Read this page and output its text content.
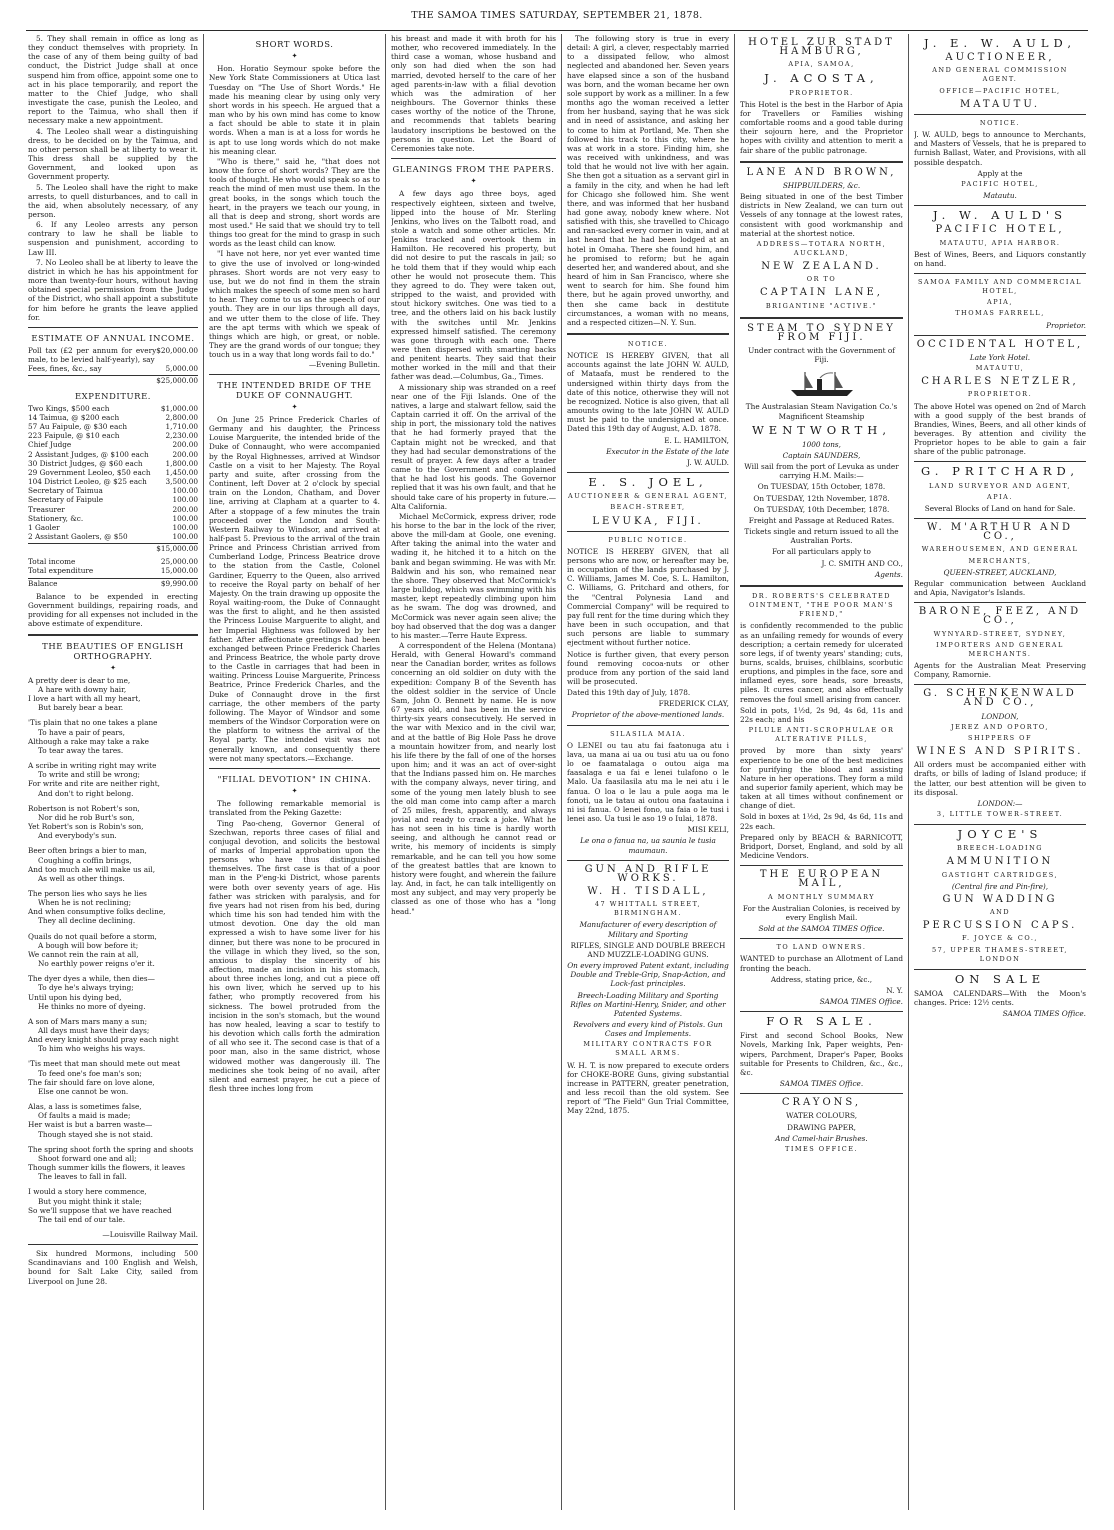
THE SAMOA TIMES SATURDAY, SEPTEMBER 21, 1878.

5. They shall remain in office as long as they conduct themselves with propriety. In the case of any of them being guilty of bad conduct, the District Judge shall at once suspend him from office, appoint some one to act in his place temporarily, and report the matter to the Chief Judge, who shall investigate the case, punish the Leoleo, and report to the Taimua, who shall then if necessary make a new appointment.

4. The Leoleo shall wear a distinguishing dress, to be decided on by the Taimua, and no other person shall be at liberty to wear it. This dress shall be supplied by the Government, and looked upon as Government property.

5. The Leoleo shall have the right to make arrests, to quell disturbances, and to call in the aid, when absolutely necessary, of any person.

6. If any Leoleo arrests any person contrary to law he shall be liable to suspension and punishment, according to Law III.

7. No Leoleo shall be at liberty to leave the district in which he has his appointment for more than twenty-four hours, without having obtained special permission from the Judge of the District, who shall appoint a substitute for him before he grants the leave applied for.

ESTIMATE OF ANNUAL INCOME.
Poll tax (£2 per annum for every male, to be levied half-yearly), say
$20,000.00
Fees, fines, &c., say	5,000.00
$25,000.00
EXPENDITURE.
Two Kings, $500 each	$1,000.00
14 Taimua, @ $200 each	2,800.00
57 Au Faipule, @ $30 each	1,710.00
223 Faipule, @ $10 each	2,230.00
Chief Judge	200.00
2 Assistant Judges, @ $100 each	200.00
30 District Judges, @ $60 each	1,800.00
29 Government Leoleo, $50 each 1,450.00
104 District Leoleo, @ $25 each	3,500.00
Secretary of Taimua	100.00
Secretary of Faipule	100.00
Treasurer	200.00
Stationery, &c.	100.00
1 Gaoler	100.00
2 Assistant Gaolers, @ $50	100.00
$15,000.00
Total income	25,000.00
Total expenditure	15,000.00
Balance	$9,990.00

Balance to be expended in erecting Government buildings, repairing roads, and providing for all expenses not included in the above estimate of expenditure.

THE BEAUTIES OF ENGLISH ORTHOGRAPHY.
✦

A pretty deer is dear to me,

A hare with downy hair,

I love a hart with all my heart,

But barely bear a bear.

'Tis plain that no one takes a plane

To have a pair of pears,

Although a rake may take a rake

To tear away the tares.

A scribe in writing right may write

To write and still be wrong;

For write and rite are neither right,

And don't to right belong.

Robertson is not Robert's son,

Nor did he rob Burt's son,

Yet Robert's son is Robin's son,

And everybody's sun.

Beer often brings a bier to man,

Coughing a coffin brings,

And too much ale will make us ail,

As well as other things.

The person lies who says he lies

When he is not reclining;

And when consumptive folks decline,

They all decline declining.

Quails do not quail before a storm,

A bough will bow before it;

We cannot rein the rain at all,

No earthly power reigns o'er it.

The dyer dyes a while, then dies—

To dye he's always trying;

Until upon his dying bed,

He thinks no more of dyeing.

A son of Mars mars many a sun;

All days must have their days;

And every knight should pray each night

To him who weighs his ways.

'Tis meet that man should mete out meat

To feed one's foe man's son;

The fair should fare on love alone,

Else one cannot be won.

Alas, a lass is sometimes false,

Of faults a maid is made;

Her waist is but a barren waste—

Though stayed she is not staid.

The spring shoot forth the spring and shoots

Shoot forward one and all;

Though summer kills the flowers, it leaves

The leaves to fall in fall.

I would a story here commence,

But you might think it stale;

So we'll suppose that we have reached

The tail end of our tale.

—Louisville Railway Mail.

Six hundred Mormons, including 500 Scandinavians and 100 English and Welsh, bound for Salt Lake City, sailed from Liverpool on June 28.

SHORT WORDS.
✦

Hon. Horatio Seymour spoke before the New York State Commissioners at Utica last Tuesday on "The Use of Short Words." He made his meaning clear by using only very short words in his speech. He argued that a man who by his own mind has come to know a fact should be able to state it in plain words. When a man is at a loss for words he is apt to use long words which do not make his meaning clear.

"Who is there," said he, "that does not know the force of short words? They are the tools of thought. He who would speak so as to reach the mind of men must use them. In the great books, in the songs which touch the heart, in the prayers we teach our young, in all that is deep and strong, short words are most used." He said that we should try to tell things too great for the mind to grasp in such words as the least child can know.

"I have not here, nor yet ever wanted time to give the use of involved or long-winded phrases. Short words are not very easy to use, but we do not find in them the strain which makes the speech of some men so hard to hear. They come to us as the speech of our youth. They are in our lips through all days, and we utter them to the close of life. They are the apt terms with which we speak of things which are high, or great, or noble. They are the grand words of our tongue; they touch us in a way that long words fail to do."

—Evening Bulletin.

THE INTENDED BRIDE OF THE DUKE OF CONNAUGHT.
✦

On June 25 Prince Frederick Charles of Germany and his daughter, the Princess Louise Marguerite, the intended bride of the Duke of Connaught, who were accompanied by the Royal Highnesses, arrived at Windsor Castle on a visit to her Majesty. The Royal party and suite, after crossing from the Continent, left Dover at 2 o'clock by special train on the London, Chatham, and Dover line, arriving at Clapham at a quarter to 4. After a stoppage of a few minutes the train proceeded over the London and South-Western Railway to Windsor, and arrived at half-past 5. Previous to the arrival of the train Prince and Princess Christian arrived from Cumberland Lodge, Princess Beatrice drove to the station from the Castle, Colonel Gardiner, Equerry to the Queen, also arrived to receive the Royal party on behalf of her Majesty. On the train drawing up opposite the Royal waiting-room, the Duke of Connaught was the first to alight, and he then assisted the Princess Louise Marguerite to alight, and her Imperial Highness was followed by her father. After affectionate greetings had been exchanged between Prince Frederick Charles and Princess Beatrice, the whole party drove to the Castle in carriages that had been in waiting. Princess Louise Marguerite, Princess Beatrice, Prince Frederick Charles, and the Duke of Connaught drove in the first carriage, the other members of the party following. The Mayor of Windsor and some members of the Windsor Corporation were on the platform to witness the arrival of the Royal party. The intended visit was not generally known, and consequently there were not many spectators.—Exchange.

"FILIAL DEVOTION" IN CHINA.
✦

The following remarkable memorial is translated from the Peking Gazette:

Ting Pao-cheng, Governor General of Szechwan, reports three cases of filial and conjugal devotion, and solicits the bestowal of marks of Imperial approbation upon the persons who have thus distinguished themselves. The first case is that of a poor man in the P'eng-ki District, whose parents were both over seventy years of age. His father was stricken with paralysis, and for five years had not risen from his bed, during which time his son had tended him with the utmost devotion. One day the old man expressed a wish to have some liver for his dinner, but there was none to be procured in the village in which they lived, so the son, anxious to display the sincerity of his affection, made an incision in his stomach, about three inches long, and cut a piece off his own liver, which he served up to his father, who promptly recovered from his sickness. The bowel protruded from the incision in the son's stomach, but the wound has now healed, leaving a scar to testify to his devotion which calls forth the admiration of all who see it. The second case is that of a poor man, also in the same district, whose widowed mother was dangerously ill. The medicines she took being of no avail, after silent and earnest prayer, he cut a piece of flesh three inches long from

his breast and made it with broth for his mother, who recovered immediately. In the third case a woman, whose husband and only son had died when the son had married, devoted herself to the care of her aged parents-in-law with a filial devotion which was the admiration of her neighbours. The Governor thinks these cases worthy of the notice of the Throne, and recommends that tablets bearing laudatory inscriptions be bestowed on the persons in question. Let the Board of Ceremonies take note.

GLEANINGS FROM THE PAPERS.
✦

A few days ago three boys, aged respectively eighteen, sixteen and twelve, lipped into the house of Mr. Sterling Jenkins, who lives on the Talbott road, and stole a watch and some other articles. Mr. Jenkins tracked and overtook them in Hamilton. He recovered his property, but did not desire to put the rascals in jail; so he told them that if they would whip each other he would not prosecute them. This they agreed to do. They were taken out, stripped to the waist, and provided with stout hickory switches. One was tied to a tree, and the others laid on his back lustily with the switches until Mr. Jenkins expressed himself satisfied. The ceremony was gone through with each one. There were then dispersed with smarting backs and penitent hearts. They said that their mother worked in the mill and that their father was dead.—Columbus, Ga., Times.

A missionary ship was stranded on a reef near one of the Fiji Islands. One of the natives, a large and stalwart fellow, said the Captain carried it off. On the arrival of the ship in port, the missionary told the natives that he had formerly prayed that the Captain might not be wrecked, and that they had had secular demonstrations of the result of prayer. A few days after a trader came to the Government and complained that he had lost his goods. The Governor replied that it was his own fault, and that he should take care of his property in future.—Alta California.

Michael McCormick, express driver, rode his horse to the bar in the lock of the river, above the mill-dam at Goole, one evening. After taking the animal into the water and wading it, he hitched it to a hitch on the bank and began swimming. He was with Mr. Baldwin and his son, who remained near the shore. They observed that McCormick's large bulldog, which was swimming with his master, kept repeatedly climbing upon him as he swam. The dog was drowned, and McCormick was never again seen alive; the boy had observed that the dog was a danger to his master.—Terre Haute Express.

A correspondent of the Helena (Montana) Herald, with General Howard's command near the Canadian border, writes as follows concerning an old soldier on duty with the expedition: Company B of the Seventh has the oldest soldier in the service of Uncle Sam, John O. Bennett by name. He is now 67 years old, and has been in the service thirty-six years consecutively. He served in the war with Mexico and in the civil war, and at the battle of Big Hole Pass he drove a mountain howitzer from, and nearly lost his life there by the fall of one of the horses upon him; and it was an act of over-sight that the Indians passed him on. He marches with the company always, never tiring, and some of the young men lately blush to see the old man come into camp after a march of 25 miles, fresh, apparently, and always jovial and ready to crack a joke. What he has not seen in his time is hardly worth seeing, and although he cannot read or write, his memory of incidents is simply remarkable, and he can tell you how some of the greatest battles that are known to history were fought, and wherein the failure lay. And, in fact, he can talk intelligently on most any subject, and may very properly be classed as one of those who has a "long head."

The following story is true in every detail: A girl, a clever, respectably married to a dissipated fellow, who almost neglected and abandoned her. Seven years have elapsed since a son of the husband was born, and the woman became her own sole support by work as a milliner. In a few months ago the woman received a letter from her husband, saying that he was sick and in need of assistance, and asking her to come to him at Portland, Me. Then she followed his track to this city, where he was at work in a store. Finding him, she was received with unkindness, and was told that he would not live with her again. She then got a situation as a servant girl in a family in the city, and when he had left for Chicago she followed him. She went there, and was informed that her husband had gone away, nobody knew where. Not satisfied with this, she travelled to Chicago and ran-sacked every corner in vain, and at last heard that he had been lodged at an hotel in Omaha. There she found him, and he promised to reform; but he again deserted her, and wandered about, and she heard of him in San Francisco, where she went to search for him. She found him there, but he again proved unworthy, and then she came back in destitute circumstances, a woman with no means, and a respected citizen—N. Y. Sun.

NOTICE.

NOTICE IS HEREBY GIVEN, that all accounts against the late JOHN W. AULD, of Mataafa, must be rendered to the undersigned within thirty days from the date of this notice, otherwise they will not be recognized. Notice is also given, that all amounts owing to the late JOHN W. AULD must be paid to the undersigned at once. Dated this 19th day of August, A.D. 1878.

E. L. HAMILTON,

Executor in the Estate of the late

J. W. AULD.

E. S. JOEL,

AUCTIONEER & GENERAL AGENT,

BEACH-STREET,

LEVUKA, FIJI.

PUBLIC NOTICE.

NOTICE IS HEREBY GIVEN, that all persons who are now, or hereafter may be, in occupation of the lands purchased by J. C. Williams, James M. Coe, S. L. Hamilton, C. Williams, G. Pritchard and others, for the "Central Polynesia Land and Commercial Company" will be required to pay full rent for the time during which they have been in such occupation, and that such persons are liable to summary ejectment without further notice.

Notice is further given, that every person found removing cocoa-nuts or other produce from any portion of the said land will be prosecuted.

Dated this 19th day of July, 1878.

FREDERICK CLAY,

Proprietor of the above-mentioned lands.

SILASILA MAIA.

O LENEI ou tau atu fai faatonuga atu i lava, ua mana ai ua ou tusi atu ua ou fono lo oe faamatalaga o outou aiga ma faasalaga e ua fai e lenei tulafono o le Malo. Ua faasilasila atu ma le nei atu i le fanua. O loa o le lau a pule aoga ma le fonoti, ua le tatau ai outou ona faatauina i ni isi fanua. O lenei fono, ua faia o le tusi i lenei aso. Ua tusi le aso 19 o Iulai, 1878.

MISI KELI,

Le ona o fanua na, ua saunia le tusia maumaun.

GUN AND RIFLE WORKS.

W. H. TISDALL,

47 WHITTALL STREET, BIRMINGHAM.

Manufacturer of every description of Military and Sporting

RIFLES, SINGLE AND DOUBLE BREECH AND MUZZLE-LOADING GUNS.

On every improved Patent extant, including Double and Treble-Grip, Snap-Action, and Lock-fast principles.

Breech-Loading Military and Sporting Rifles on Martini-Henry, Snider, and other Patented Systems.

Revolvers and every kind of Pistols. Gun Cases and Implements.

MILITARY CONTRACTS FOR SMALL ARMS.

W. H. T. is now prepared to execute orders for CHOKE-BORE Guns, giving substantial increase in PATTERN, greater penetration, and less recoil than the old system. See report of "The Field" Gun Trial Committee, May 22nd, 1875.

HOTEL ZUR STADT HAMBURG,

APIA, SAMOA,

J. ACOSTA,

PROPRIETOR.

This Hotel is the best in the Harbor of Apia for Travellers or Families wishing comfortable rooms and a good table during their sojourn here, and the Proprietor hopes with civility and attention to merit a fair share of the public patronage.

LANE AND BROWN,

SHIPBUILDERS, &c.

Being situated in one of the best Timber districts in New Zealand, we can turn out Vessels of any tonnage at the lowest rates, consistent with good workmanship and material at the shortest notice.

ADDRESS—TOTARA NORTH, AUCKLAND,

NEW ZEALAND.

OR TO

CAPTAIN LANE,

BRIGANTINE "ACTIVE."

STEAM TO SYDNEY FROM FIJI.

Under contract with the Government of Fiji.

The Australasian Steam Navigation Co.'s Magnificent Steamship

WENTWORTH,

1000 tons,

Captain SAUNDERS,

Will sail from the port of Levuka as under carrying H.M. Mails:—

On TUESDAY, 15th October, 1878.

On TUESDAY, 12th November, 1878.

On TUESDAY, 10th December, 1878.

Freight and Passage at Reduced Rates.

Tickets single and return issued to all the Australian Ports.

For all particulars apply to

J. C. SMITH AND CO.,

Agents.

DR. ROBERTS'S CELEBRATED OINTMENT, "THE POOR MAN'S FRIEND,"

is confidently recommended to the public as an unfailing remedy for wounds of every description; a certain remedy for ulcerated sore legs, if of twenty years' standing; cuts, burns, scalds, bruises, chilblains, scorbutic eruptions, and pimples in the face, sore and inflamed eyes, sore heads, sore breasts, piles. It cures cancer, and also effectually removes the foul smell arising from cancer.

Sold in pots, 1½d, 2s 9d, 4s 6d, 11s and 22s each; and his

PILULE ANTI-SCROPHULAE OR ALTERATIVE PILLS,

proved by more than sixty years' experience to be one of the best medicines for purifying the blood and assisting Nature in her operations. They form a mild and superior family aperient, which may be taken at all times without confinement or change of diet.

Sold in boxes at 1½d, 2s 9d, 4s 6d, 11s and 22s each.

Prepared only by BEACH & BARNICOTT, Bridport, Dorset, England, and sold by all Medicine Vendors.

THE EUROPEAN MAIL,

A MONTHLY SUMMARY

For the Australian Colonies, is received by every English Mail.

Sold at the SAMOA TIMES Office.

TO LAND OWNERS.

WANTED to purchase an Allotment of Land fronting the beach.

Address, stating price, &c.,

N. Y.

SAMOA TIMES Office.

FOR SALE.

First and second School Books, New Novels, Marking Ink, Paper weights, Pen-wipers, Parchment, Draper's Paper, Books suitable for Presents to Children, &c., &c., &c.

SAMOA TIMES Office.

CRAYONS,

WATER COLOURS,

DRAWING PAPER,

And Camel-hair Brushes.

TIMES OFFICE.

J. E. W. AULD,

AUCTIONEER,

AND GENERAL COMMISSION AGENT.

OFFICE—PACIFIC HOTEL,

MATAUTU.

NOTICE.

J. W. AULD, begs to announce to Merchants, and Masters of Vessels, that he is prepared to furnish Ballast, Water, and Provisions, with all possible despatch.

Apply at the

PACIFIC HOTEL,

Matautu.

J. W. AULD'S

PACIFIC HOTEL,

MATAUTU, APIA HARBOR.

Best of Wines, Beers, and Liquors constantly on hand.

SAMOA FAMILY AND COMMERCIAL HOTEL,

APIA,

THOMAS FARRELL,

Proprietor.

OCCIDENTAL HOTEL,

Late York Hotel.

MATAUTU,

CHARLES NETZLER,

PROPRIETOR.

The above Hotel was opened on 2nd of March with a good supply of the best brands of Brandies, Wines, Beers, and all other kinds of beverages. By attention and civility the Proprietor hopes to be able to gain a fair share of the public patronage.

G. PRITCHARD,

LAND SURVEYOR AND AGENT,

APIA.

Several Blocks of Land on hand for Sale.

W. M'ARTHUR AND CO.,

WAREHOUSEMEN, AND GENERAL

MERCHANTS,

QUEEN-STREET, AUCKLAND,

Regular communication between Auckland and Apia, Navigator's Islands.

BARONE, FEEZ, AND CO.,

WYNYARD-STREET, SYDNEY,

IMPORTERS AND GENERAL MERCHANTS.

Agents for the Australian Meat Preserving Company, Ramornie.

G. SCHENKENWALD AND CO.,

LONDON,

JEREZ AND OPORTO,

SHIPPERS OF

WINES AND SPIRITS.

All orders must be accompanied either with drafts, or bills of lading of Island produce; if the latter, our best attention will be given to its disposal.

LONDON:—

3, LITTLE TOWER-STREET.

JOYCE'S

BREECH-LOADING

AMMUNITION

GASTIGHT CARTRIDGES,

(Central fire and Pin-fire),

GUN WADDING

AND

PERCUSSION CAPS.

F. JOYCE & CO.,

57, UPPER THAMES-STREET, LONDON

ON SALE

SAMOA CALENDARS—With the Moon's changes. Price: 12½ cents.

SAMOA TIMES Office.
